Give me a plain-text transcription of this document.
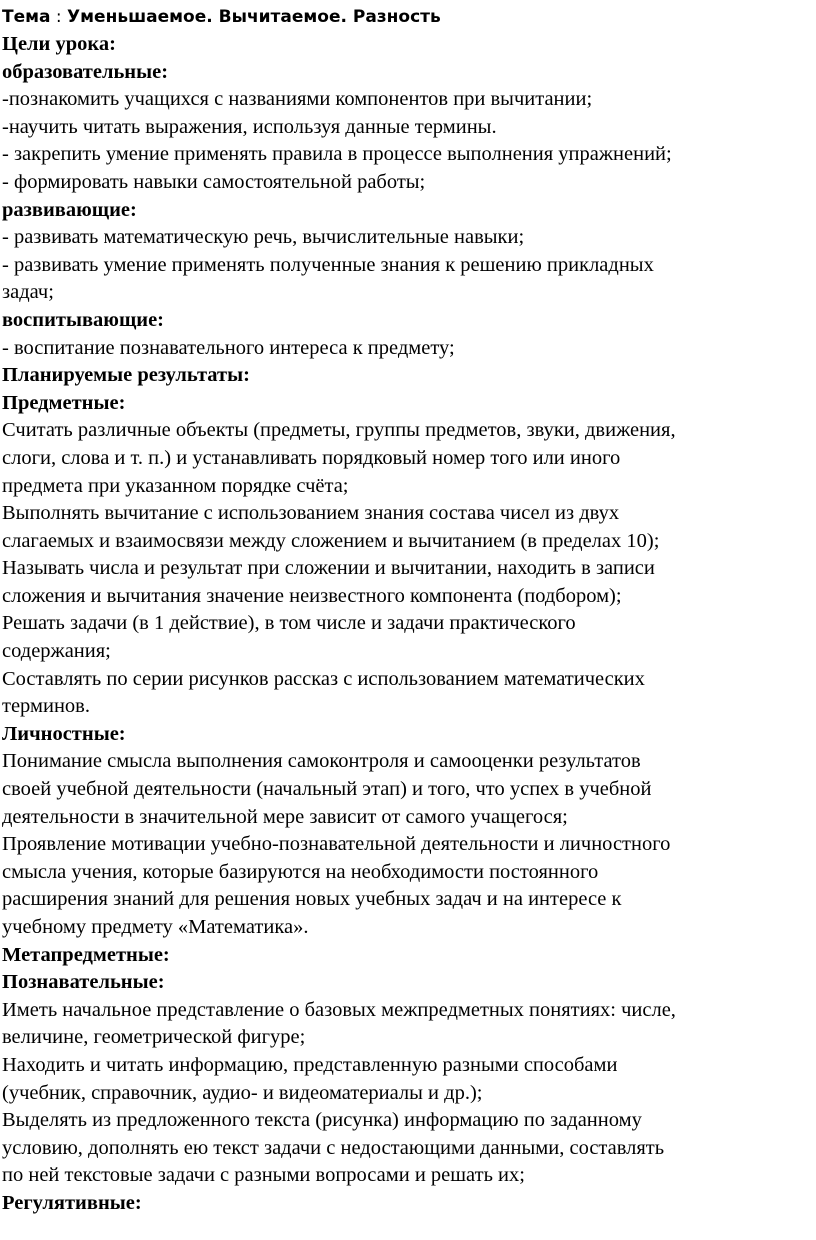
Тема : Уменьшаемое. Вычитаемое. Разность
Цели урока:
образовательные:
-познакомить учащихся с названиями компонентов при вычитании;
-научить читать выражения, используя данные термины.
- закрепить умение применять правила в процессе выполнения упражнений;
- формировать навыки самостоятельной работы;
развивающие:
- развивать математическую речь, вычислительные навыки;
- развивать умение применять полученные знания к решению прикладных
задач;
воспитывающие:
- воспитание познавательного интереса к предмету;
Планируемые результаты:
Предметные:
Считать различные объекты (предметы, группы предметов, звуки, движения,
слоги, слова и т. п.) и устанавливать порядковый номер того или иного
предмета при указанном порядке счёта;
Выполнять вычитание с использованием знания состава чисел из двух
слагаемых и взаимосвязи между сложением и вычитанием (в пределах 10);
Называть числа и результат при сложении и вычитании, находить в записи
сложения и вычитания значение неизвестного компонента (подбором);
Решать задачи (в 1 действие), в том числе и задачи практического
содержания;
Составлять по серии рисунков рассказ с использованием математических
терминов.
Личностные:
Понимание смысла выполнения самоконтроля и самооценки результатов
своей учебной деятельности (начальный этап) и того, что успех в учебной
деятельности в значительной мере зависит от самого учащегося;
Проявление мотивации учебно-познавательной деятельности и личностного
смысла учения, которые базируются на необходимости постоянного
расширения знаний для решения новых учебных задач и на интересе к
учебному предмету «Математика».
Метапредметные:
Познавательные:
Иметь начальное представление о базовых межпредметных понятиях: числе,
величине, геометрической фигуре;
Находить и читать информацию, представленную разными способами
(учебник, справочник, аудио- и видеоматериалы и др.);
Выделять из предложенного текста (рисунка) информацию по заданному
условию, дополнять ею текст задачи с недостающими данными, составлять
по ней текстовые задачи с разными вопросами и решать их;
Регулятивные:
